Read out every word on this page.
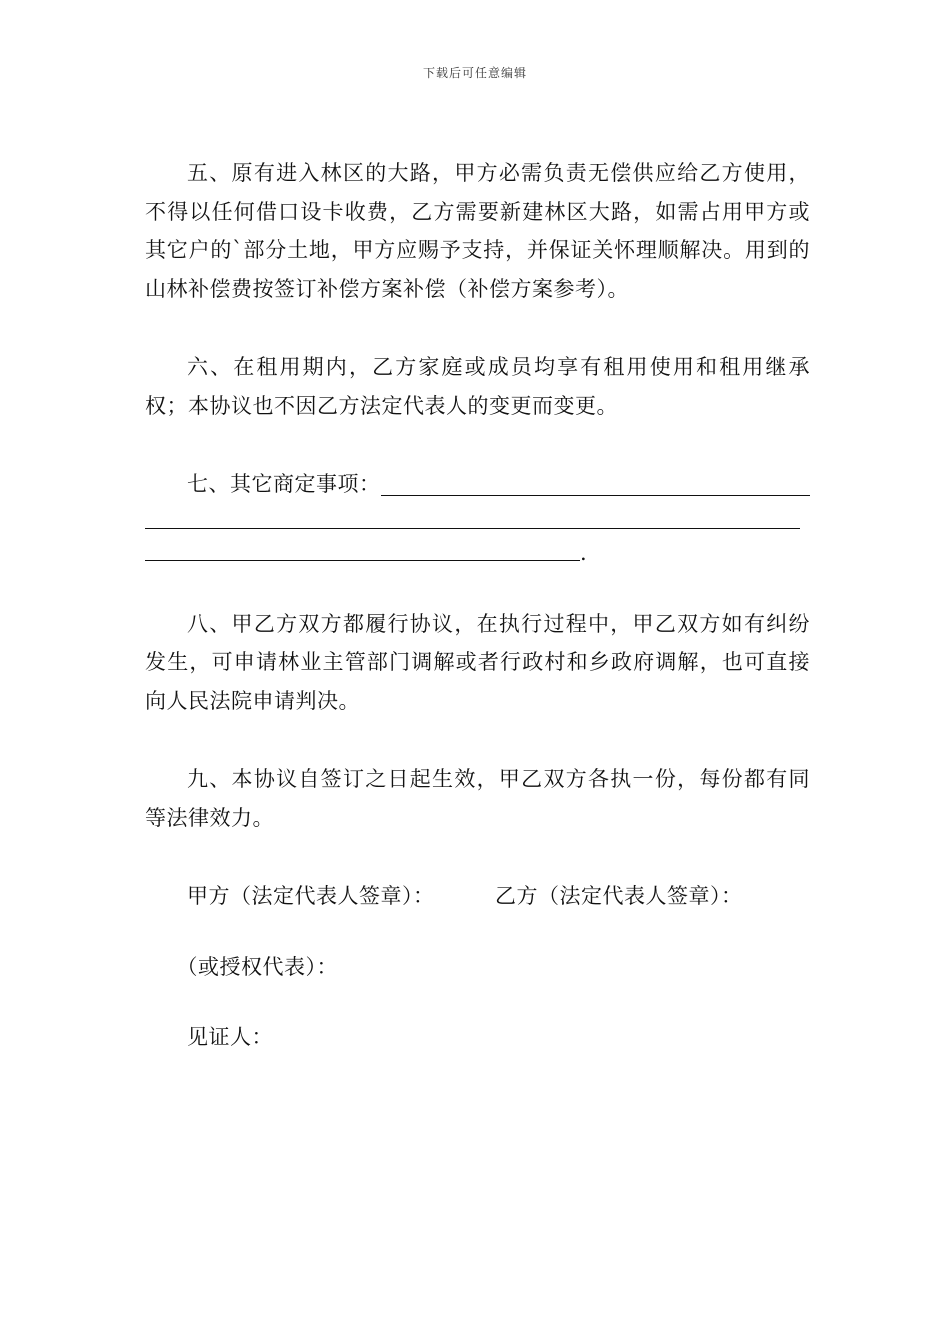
下载后可任意编辑

五、原有进入林区的大路，甲方必需负责无偿供应给乙方使用，不得以任何借口设卡收费，乙方需要新建林区大路，如需占用甲方或其它户的`部分土地，甲方应赐予支持，并保证关怀理顺解决。用到的山林补偿费按签订补偿方案补偿（补偿方案参考）。

六、在租用期内，乙方家庭或成员均享有租用使用和租用继承权；本协议也不因乙方法定代表人的变更而变更。

七、其它商定事项：
.

八、甲乙方双方都履行协议，在执行过程中，甲乙双方如有纠纷发生，可申请林业主管部门调解或者行政村和乡政府调解，也可直接向人民法院申请判决。

九、本协议自签订之日起生效，甲乙双方各执一份，每份都有同等法律效力。

甲方（法定代表人签章）：	乙方（法定代表人签章）：
（或授权代表）：
见证人：
